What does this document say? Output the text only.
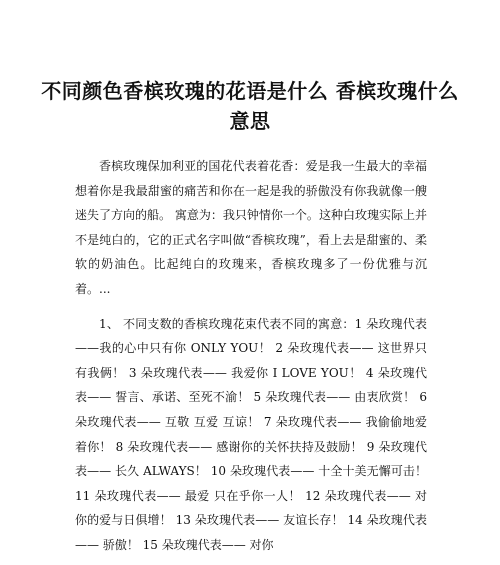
不同颜色香槟玫瑰的花语是什么 香槟玫瑰什么意思

香槟玫瑰保加利亚的国花代表着花香：爱是我一生最大的幸福想着你是我最甜蜜的痛苦和你在一起是我的骄傲没有你我就像一艘迷失了方向的船。 寓意为：我只钟情你一个。这种白玫瑰实际上并不是纯白的，它的正式名字叫做“香槟玫瑰”，看上去是甜蜜的、柔软的奶油色。比起纯白的玫瑰来，香槟玫瑰多了一份优雅与沉着。...

1、 不同支数的香槟玫瑰花束代表不同的寓意：1 朵玫瑰代表——我的心中只有你 ONLY YOU！ 2 朵玫瑰代表—— 这世界只有我俩！ 3 朵玫瑰代表—— 我爱你 I LOVE YOU！ 4 朵玫瑰代表—— 誓言、承诺、至死不渝！ 5 朵玫瑰代表—— 由衷欣赏！ 6 朵玫瑰代表—— 互敬 互爱 互谅！ 7 朵玫瑰代表—— 我偷偷地爱着你！ 8 朵玫瑰代表—— 感谢你的关怀扶持及鼓励！ 9 朵玫瑰代表—— 长久 ALWAYS！ 10 朵玫瑰代表—— 十全十美无懈可击！ 11 朵玫瑰代表—— 最爱 只在乎你一人！ 12 朵玫瑰代表—— 对你的爱与日俱增！ 13 朵玫瑰代表—— 友谊长存！ 14 朵玫瑰代表—— 骄傲！ 15 朵玫瑰代表—— 对你
